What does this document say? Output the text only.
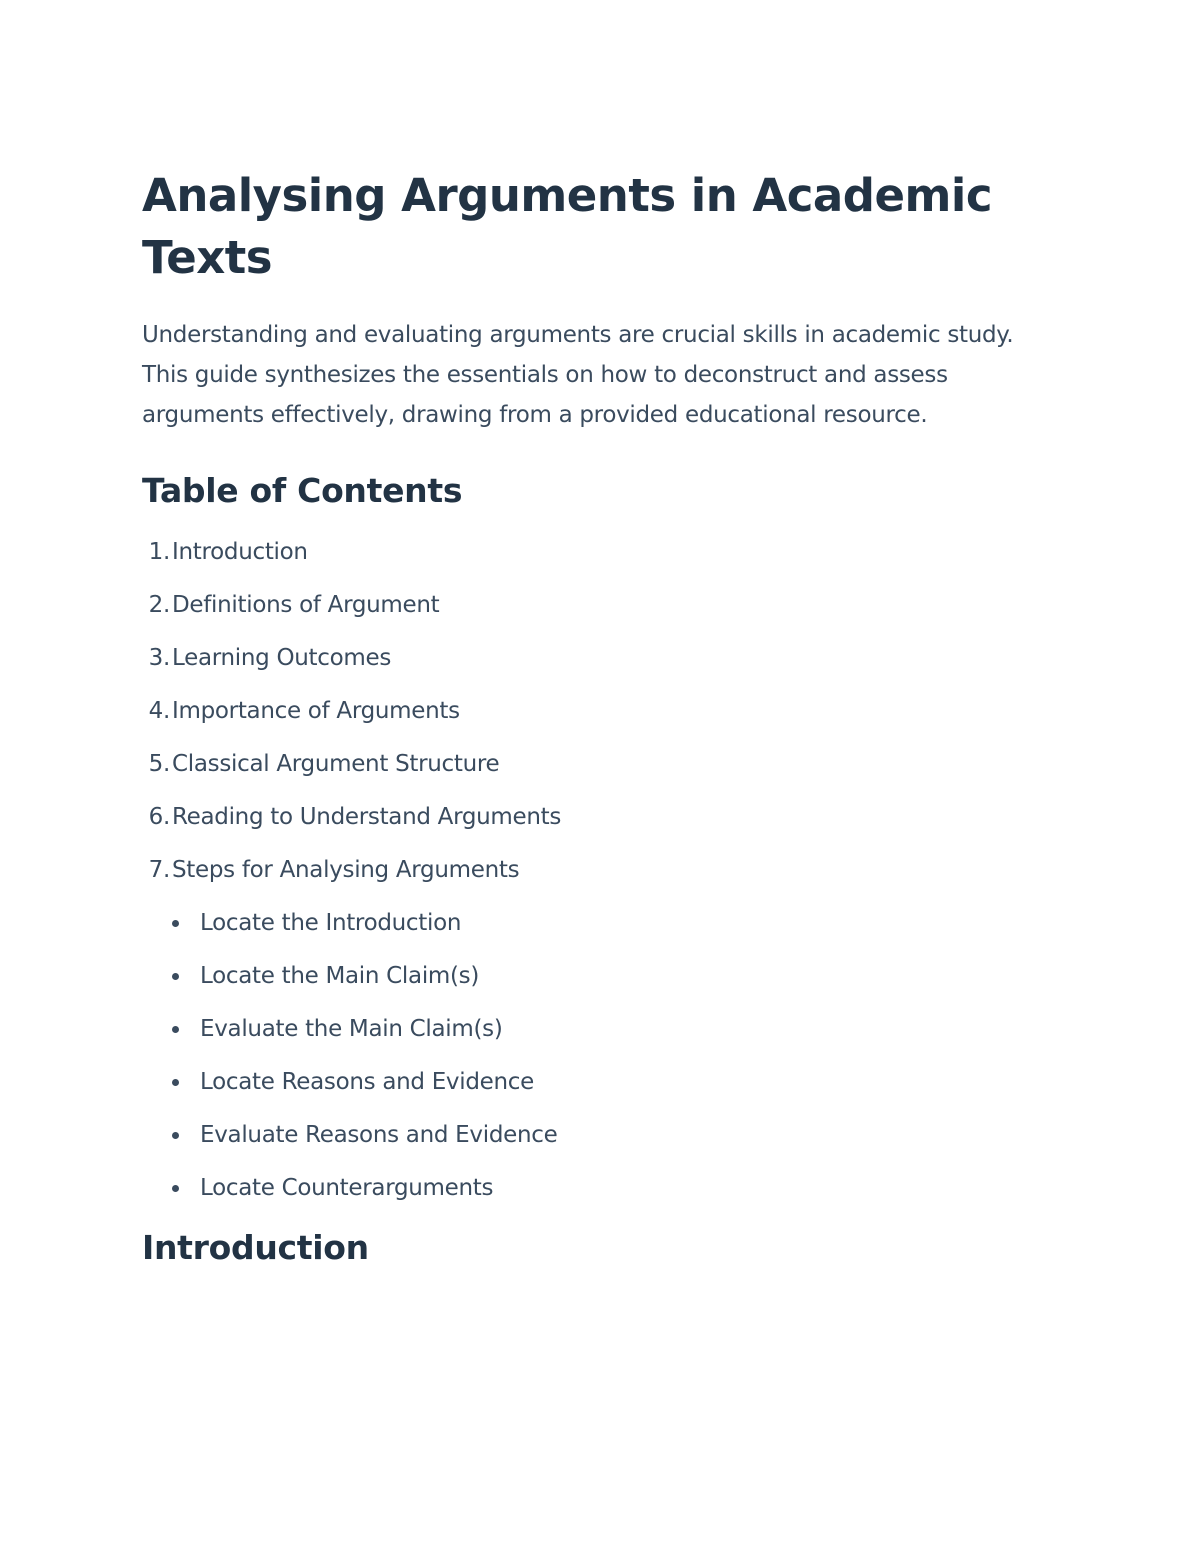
Analysing Arguments in Academic Texts

Understanding and evaluating arguments are crucial skills in academic study. This guide synthesizes the essentials on how to deconstruct and assess arguments effectively, drawing from a provided educational resource.

Table of Contents
1. Introduction
2. Definitions of Argument
3. Learning Outcomes
4. Importance of Arguments
5. Classical Argument Structure
6. Reading to Understand Arguments
7. Steps for Analysing Arguments
Locate the Introduction
Locate the Main Claim(s)
Evaluate the Main Claim(s)
Locate Reasons and Evidence
Evaluate Reasons and Evidence
Locate Counterarguments
Introduction
